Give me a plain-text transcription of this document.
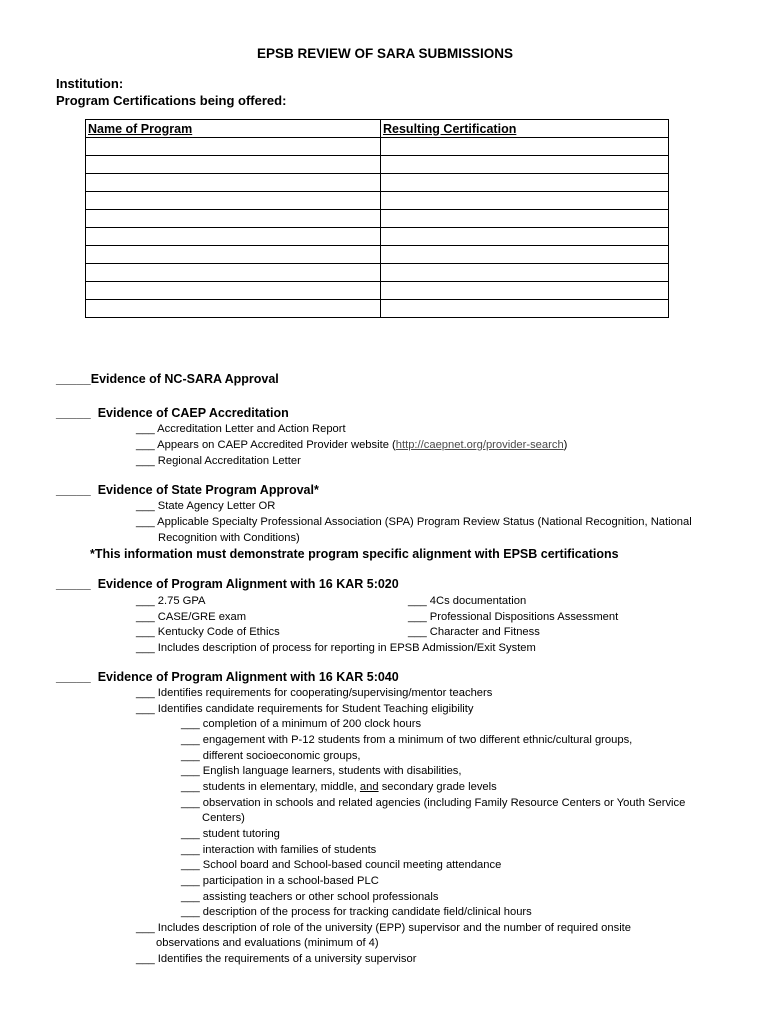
EPSB REVIEW OF SARA SUBMISSIONS
Institution:
Program Certifications being offered:
Name of Program	Resulting Certification

_____Evidence of NC-SARA Approval
_____ Evidence of CAEP Accreditation
___ Accreditation Letter and Action Report
___ Appears on CAEP Accredited Provider website (http://caepnet.org/provider-search)
___ Regional Accreditation Letter
_____ Evidence of State Program Approval*
___ State Agency Letter OR
___ Applicable Specialty Professional Association (SPA) Program Review Status (National Recognition, National
Recognition with Conditions)
*This information must demonstrate program specific alignment with EPSB certifications
_____ Evidence of Program Alignment with 16 KAR 5:020
___ 2.75 GPA
___ CASE/GRE exam
___ Kentucky Code of Ethics
___ 4Cs documentation
___ Professional Dispositions Assessment
___ Character and Fitness
___ Includes description of process for reporting in EPSB Admission/Exit System
_____ Evidence of Program Alignment with 16 KAR 5:040
___ Identifies requirements for cooperating/supervising/mentor teachers
___ Identifies candidate requirements for Student Teaching eligibility
___ completion of a minimum of 200 clock hours
___ engagement with P-12 students from a minimum of two different ethnic/cultural groups,
___ different socioeconomic groups,
___ English language learners, students with disabilities,
___ students in elementary, middle, and secondary grade levels
___ observation in schools and related agencies (including Family Resource Centers or Youth Service
Centers)
___ student tutoring
___ interaction with families of students
___ School board and School-based council meeting attendance
___ participation in a school-based PLC
___ assisting teachers or other school professionals
___ description of the process for tracking candidate field/clinical hours
___ Includes description of role of the university (EPP) supervisor and the number of required onsite
observations and evaluations (minimum of 4)
___ Identifies the requirements of a university supervisor
